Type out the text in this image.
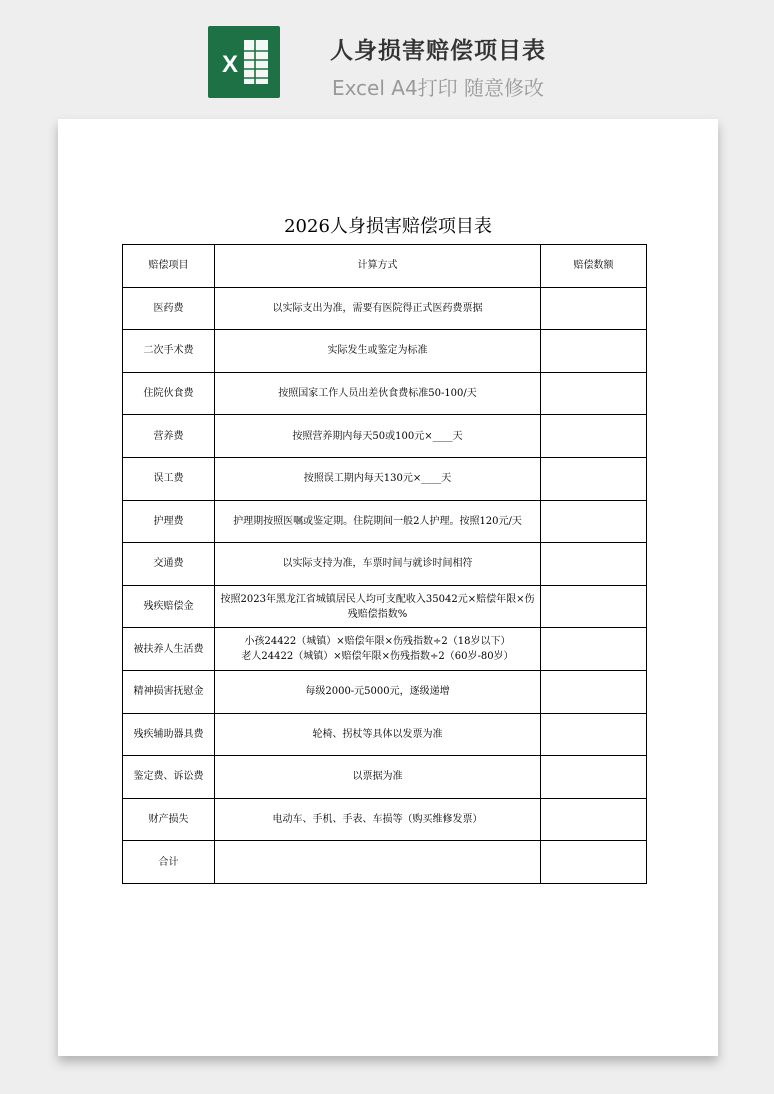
X	人身损害赔偿项目表
Excel A4打印 随意修改
2026人身损害赔偿项目表
赔偿项目	计算方式	赔偿数额
医药费	以实际支出为准，需要有医院得正式医药费票据	
二次手术费	实际发生或鉴定为标准	
住院伙食费	按照国家工作人员出差伙食费标准50-100/天	
营养费	按照营养期内每天50或100元×____天	
误工费	按照误工期内每天130元×____天	
护理费	护理期按照医嘱或鉴定期。住院期间一般2人护理。按照120元/天	
交通费	以实际支持为准，车票时间与就诊时间相符	
残疾赔偿金	按照2023年黑龙江省城镇居民人均可支配收入35042元×赔偿年限×伤残赔偿指数%	
被扶养人生活费	小孩24422（城镇）×赔偿年限×伤残指数÷2（18岁以下）
老人24422（城镇）×赔偿年限×伤残指数÷2（60岁-80岁）	

精神损害抚慰金	每级2000-元5000元，逐级递增	
残疾辅助器具费	轮椅、拐杖等具体以发票为准	
鉴定费、诉讼费	以票据为准	
财产损失	电动车、手机、手表、车损等（购买维修发票）	
合计		
